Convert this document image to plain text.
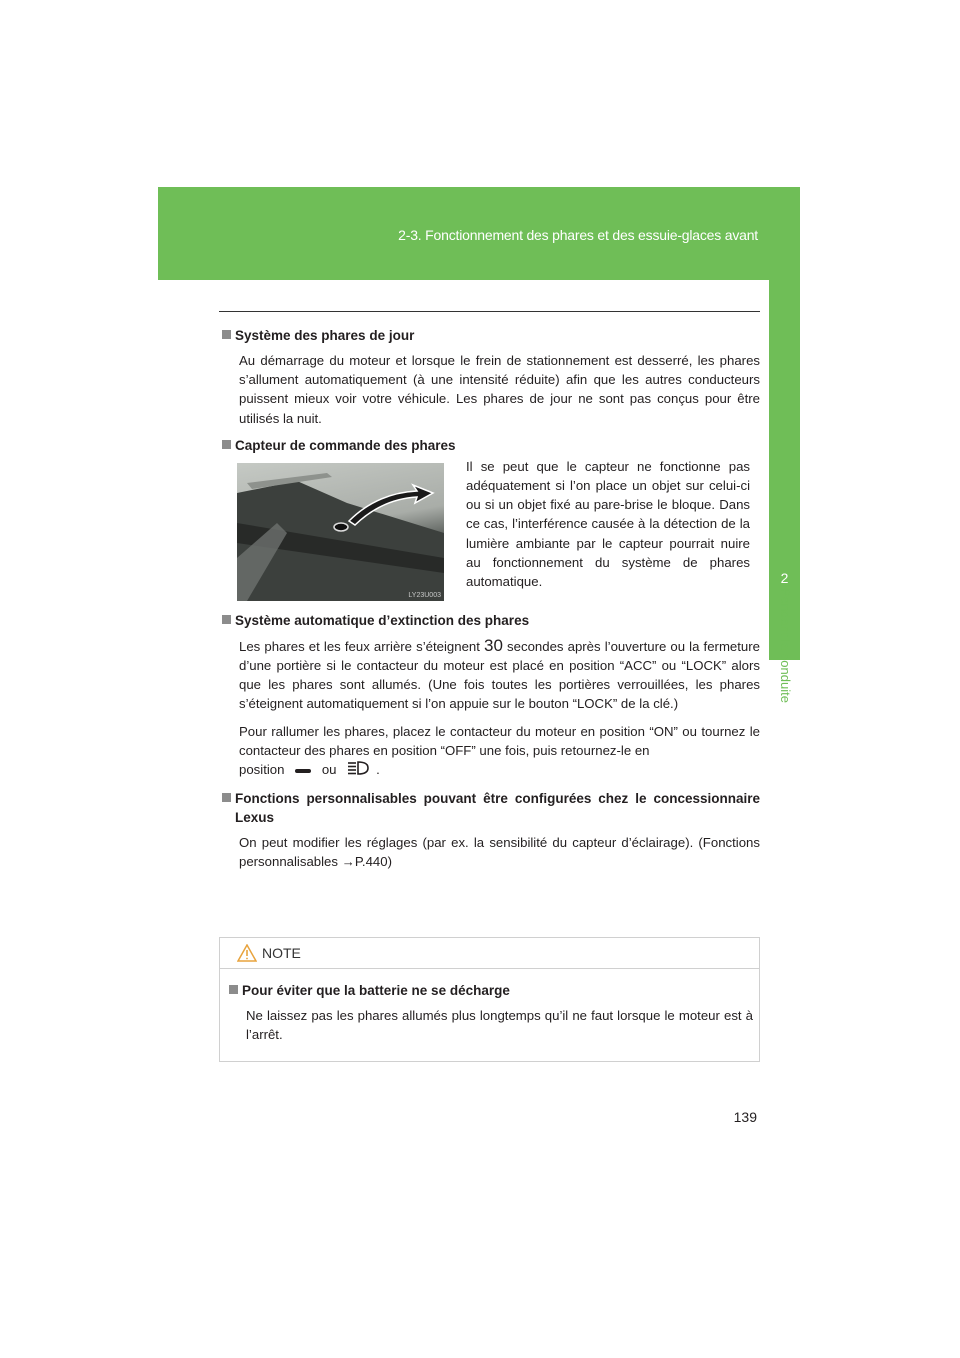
2-3. Fonctionnement des phares et des essuie-glaces avant
2
Pendant la conduite
Système des phares de jour

Au démarrage du moteur et lorsque le frein de stationnement est desserré, les phares s’allument automatiquement (à une intensité réduite) afin que les autres conducteurs puissent mieux voir votre véhicule. Les phares de jour ne sont pas conçus pour être utilisés la nuit.

Capteur de commande des phares
LY23U003
Il se peut que le capteur ne fonctionne pas adéquatement si l’on place un objet sur celui-ci ou si un objet fixé au pare-brise le bloque. Dans ce cas, l’interférence causée à la détection de la lumière ambiante par le capteur pourrait nuire au fonctionnement du système de phares automatique.
Système automatique d’extinction des phares

Les phares et les feux arrière s’éteignent 30 secondes après l’ouverture ou la fermeture d’une portière si le contacteur du moteur est placé en position “ACC” ou “LOCK” alors que les phares sont allumés. (Une fois toutes les portières verrouillées, les phares s’éteignent automatiquement si l’on appuie sur le bouton “LOCK” de la clé.)

Pour rallumer les phares, placez le contacteur du moteur en position “ON” ou tournez le contacteur des phares en position “OFF” une fois, puis retournez-le en
position	ou	.

Fonctions personnalisables pouvant être configurées chez le concessionnaire Lexus

On peut modifier les réglages (par ex. la sensibilité du capteur d’éclairage). (Fonctions personnalisables →P.440)

NOTE
Pour éviter que la batterie ne se décharge

Ne laissez pas les phares allumés plus longtemps qu’il ne faut lorsque le moteur est à l’arrêt.

139
